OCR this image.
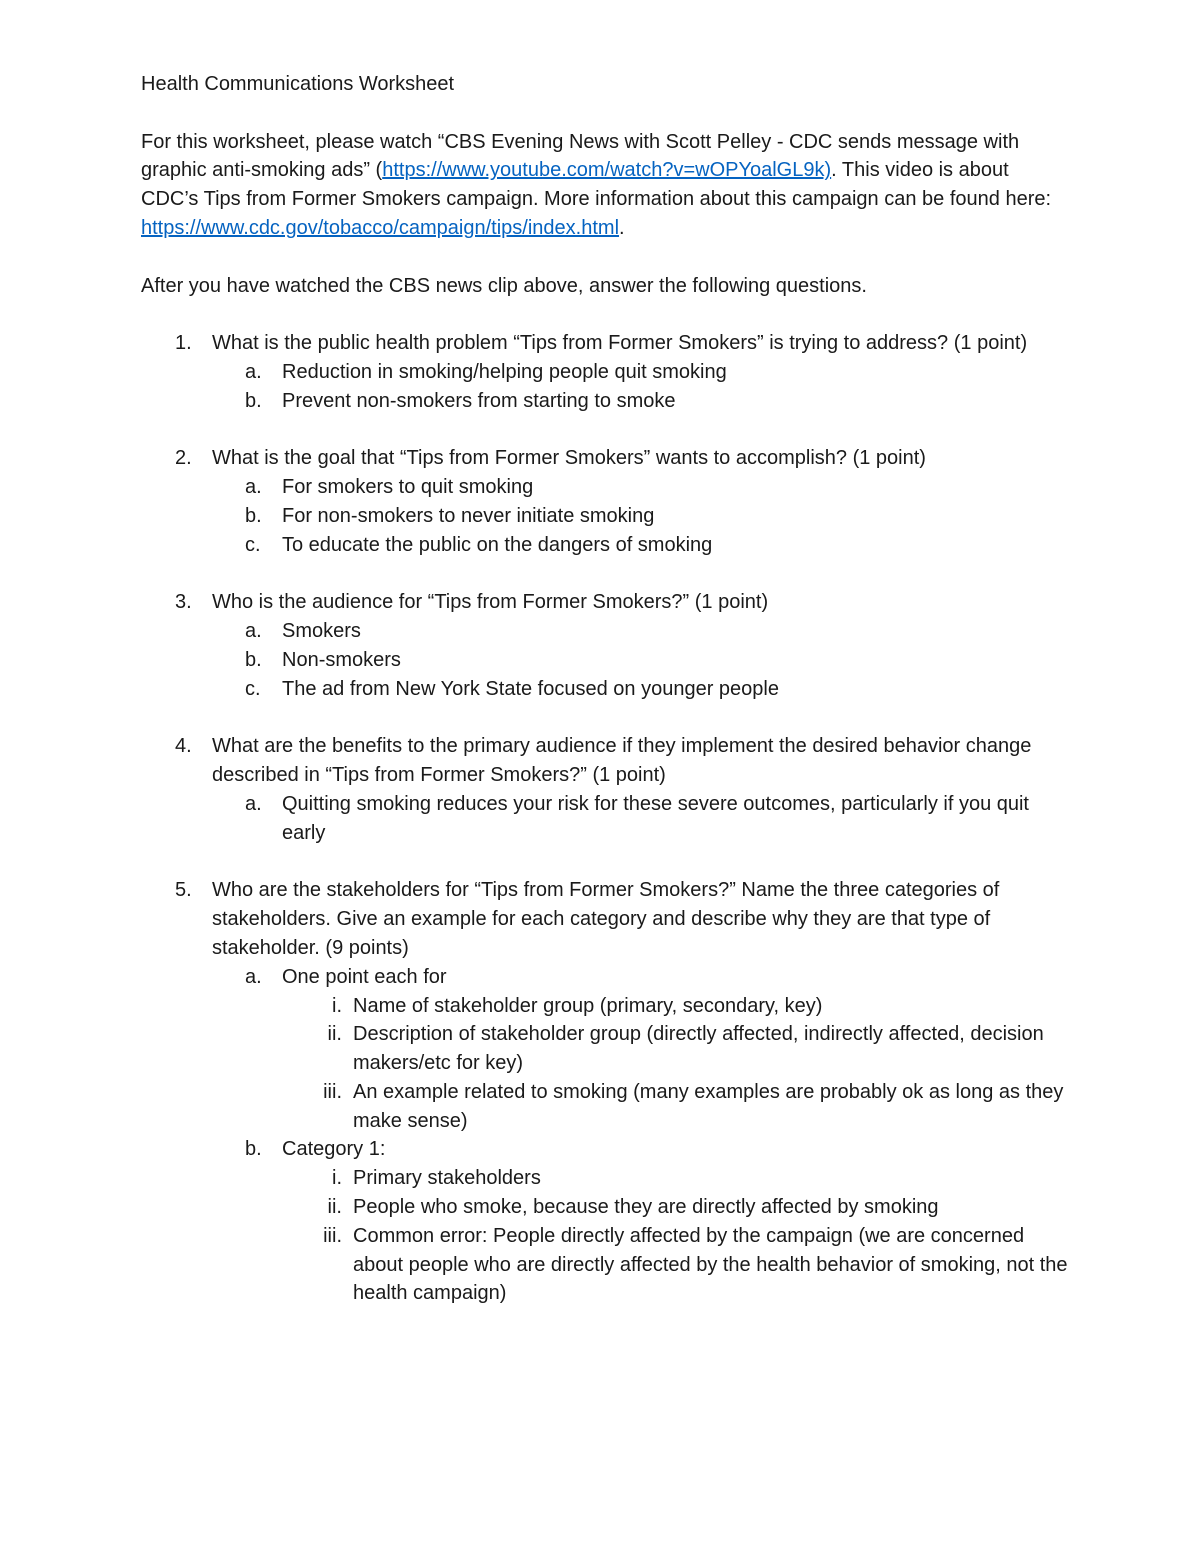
Health Communications Worksheet

For this worksheet, please watch “CBS Evening News with Scott Pelley - CDC sends message with graphic anti-smoking ads” (https://www.youtube.com/watch?v=wOPYoalGL9k). This video is about CDC’s Tips from Former Smokers campaign. More information about this campaign can be found here: https://www.cdc.gov/tobacco/campaign/tips/index.html.

After you have watched the CBS news clip above, answer the following questions.

1. What is the public health problem “Tips from Former Smokers” is trying to address? (1 point)
a. Reduction in smoking/helping people quit smoking
b. Prevent non-smokers from starting to smoke
2. What is the goal that “Tips from Former Smokers” wants to accomplish? (1 point)
a. For smokers to quit smoking
b. For non-smokers to never initiate smoking
c. To educate the public on the dangers of smoking
3. Who is the audience for “Tips from Former Smokers?” (1 point)
a. Smokers
b. Non-smokers
c. The ad from New York State focused on younger people
4. What are the benefits to the primary audience if they implement the desired behavior change described in “Tips from Former Smokers?” (1 point)
a. Quitting smoking reduces your risk for these severe outcomes, particularly if you quit early
5. Who are the stakeholders for “Tips from Former Smokers?” Name the three categories of stakeholders. Give an example for each category and describe why they are that type of stakeholder. (9 points)
a. One point each for
i. Name of stakeholder group (primary, secondary, key)
ii. Description of stakeholder group (directly affected, indirectly affected, decision makers/etc for key)
iii. An example related to smoking (many examples are probably ok as long as they make sense)
b. Category 1:
i. Primary stakeholders
ii. People who smoke, because they are directly affected by smoking
iii. Common error: People directly affected by the campaign (we are concerned about people who are directly affected by the health behavior of smoking, not the health campaign)
